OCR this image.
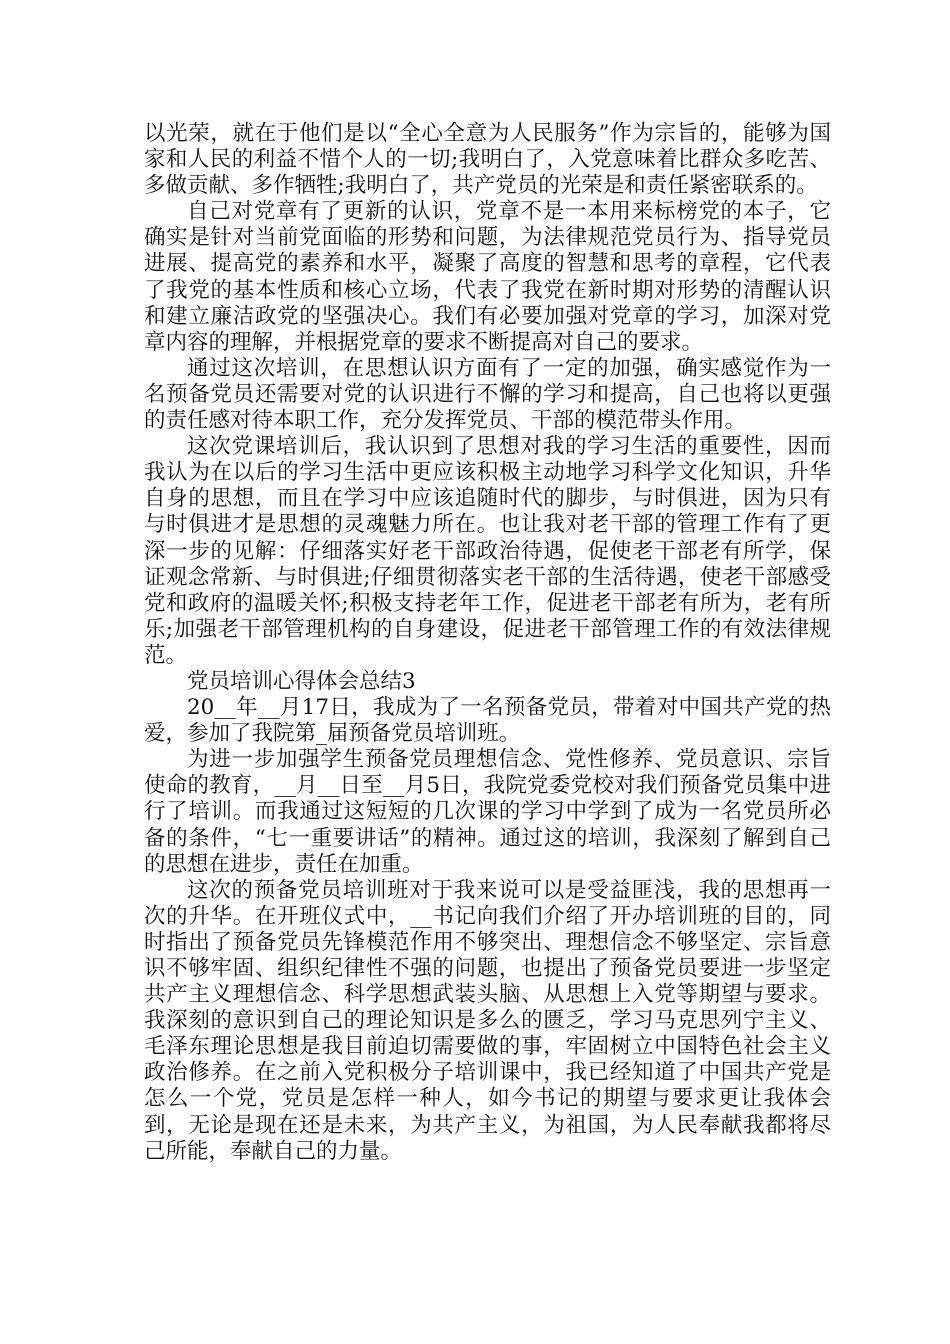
以光荣，就在于他们是以“全心全意为人民服务”作为宗旨的，能够为国家和人民的利益不惜个人的一切;我明白了，入党意味着比群众多吃苦、多做贡献、多作牺牲;我明白了，共产党员的光荣是和责任紧密联系的。

自己对党章有了更新的认识，党章不是一本用来标榜党的本子，它确实是针对当前党面临的形势和问题，为法律规范党员行为、指导党员进展、提高党的素养和水平，凝聚了高度的智慧和思考的章程，它代表了我党的基本性质和核心立场，代表了我党在新时期对形势的清醒认识和建立廉洁政党的坚强决心。我们有必要加强对党章的学习，加深对党章内容的理解，并根据党章的要求不断提高对自己的要求。

通过这次培训，在思想认识方面有了一定的加强，确实感觉作为一名预备党员还需要对党的认识进行不懈的学习和提高，自己也将以更强的责任感对待本职工作，充分发挥党员、干部的模范带头作用。

这次党课培训后，我认识到了思想对我的学习生活的重要性，因而我认为在以后的学习生活中更应该积极主动地学习科学文化知识，升华自身的思想，而且在学习中应该追随时代的脚步，与时俱进，因为只有与时俱进才是思想的灵魂魅力所在。也让我对老干部的管理工作有了更深一步的见解：仔细落实好老干部政治待遇，促使老干部老有所学，保证观念常新、与时俱进;仔细贯彻落实老干部的生活待遇，使老干部感受党和政府的温暖关怀;积极支持老年工作，促进老干部老有所为，老有所乐;加强老干部管理机构的自身建设，促进老干部管理工作的有效法律规范。

党员培训心得体会总结3

20__年__月17日，我成为了一名预备党员，带着对中国共产党的热爱，参加了我院第_届预备党员培训班。

为进一步加强学生预备党员理想信念、党性修养、党员意识、宗旨使命的教育，__月__日至__月5日，我院党委党校对我们预备党员集中进行了培训。而我通过这短短的几次课的学习中学到了成为一名党员所必备的条件，“七一重要讲话”的精神。通过这的培训，我深刻了解到自己的思想在进步，责任在加重。

这次的预备党员培训班对于我来说可以是受益匪浅，我的思想再一次的升华。在开班仪式中，__书记向我们介绍了开办培训班的目的，同时指出了预备党员先锋模范作用不够突出、理想信念不够坚定、宗旨意识不够牢固、组织纪律性不强的问题，也提出了预备党员要进一步坚定共产主义理想信念、科学思想武装头脑、从思想上入党等期望与要求。我深刻的意识到自己的理论知识是多么的匮乏，学习马克思列宁主义、毛泽东理论思想是我目前迫切需要做的事，牢固树立中国特色社会主义政治修养。在之前入党积极分子培训课中，我已经知道了中国共产党是怎么一个党，党员是怎样一种人，如今书记的期望与要求更让我体会到，无论是现在还是未来，为共产主义，为祖国，为人民奉献我都将尽己所能，奉献自己的力量。
